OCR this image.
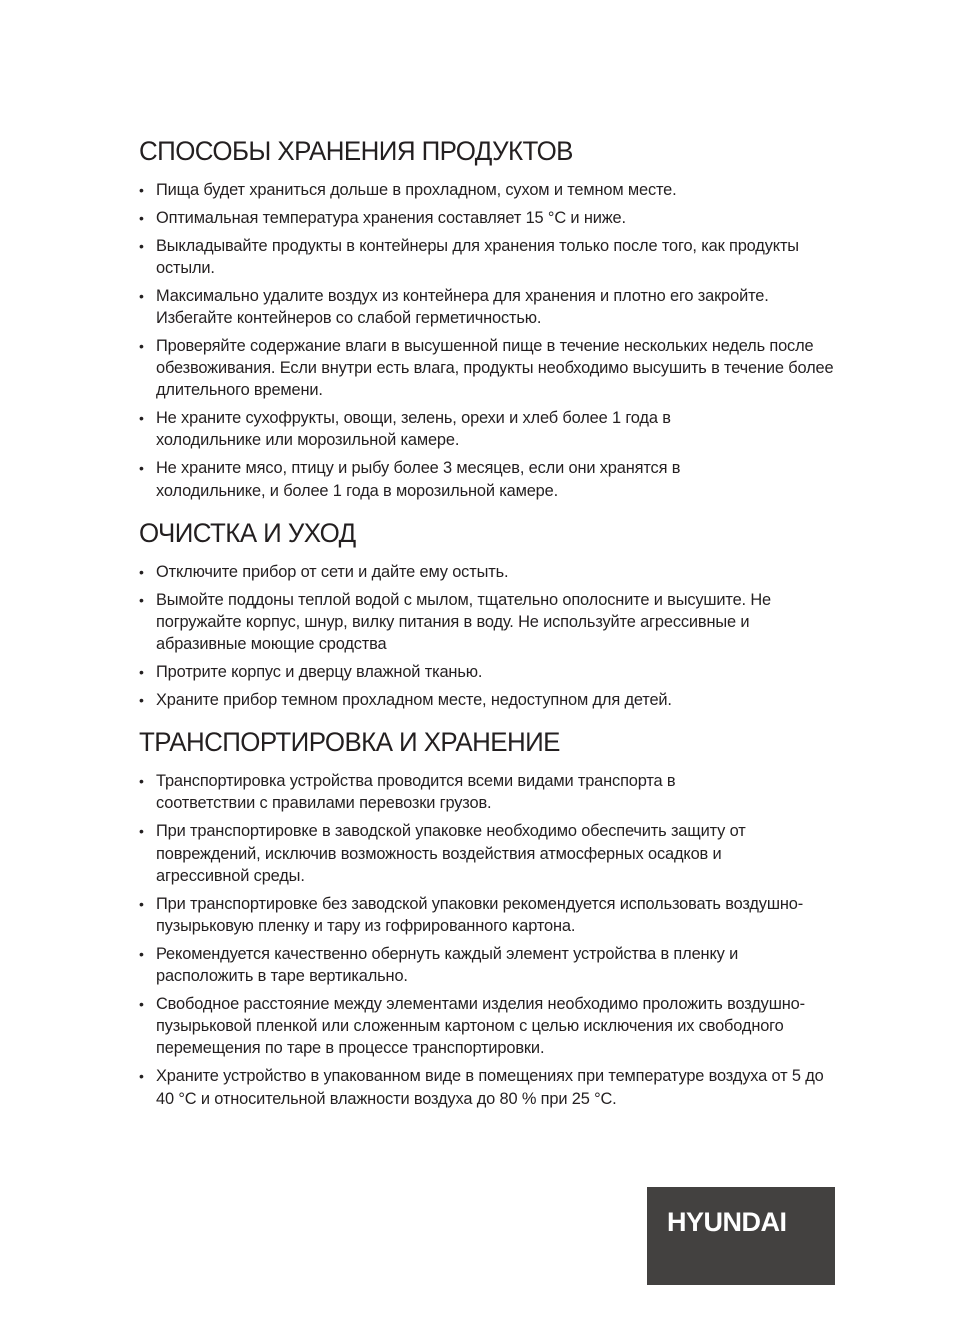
СПОСОБЫ ХРАНЕНИЯ ПРОДУКТОВ
• Пища будет храниться дольше в прохладном, сухом и темном месте.
• Оптимальная температура хранения составляет 15 °С и ниже.
• Выкладывайте продукты в контейнеры для хранения только после того, как продукты остыли.
• Максимально удалите воздух из контейнера для хранения и плотно его закройте. Избегайте контейнеров со слабой герметичностью.
• Проверяйте содержание влаги в высушенной пище в течение нескольких недель после обезвоживания. Если внутри есть влага, продукты необходимо высушить в течение более длительного времени.
• Не храните сухофрукты, овощи, зелень, орехи и хлеб более 1 года в холодильнике или морозильной камере.
• Не храните мясо, птицу и рыбу более 3 месяцев, если они хранятся в холодильнике, и более 1 года в морозильной камере.
ОЧИСТКА И УХОД
• Отключите прибор от сети и дайте ему остыть.
• Вымойте поддоны теплой водой с мылом, тщательно ополосните и высушите. Не погружайте корпус, шнур, вилку питания в воду. Не используйте агрессивные и абразивные моющие сродства
• Протрите корпус и дверцу влажной тканью.
• Храните прибор темном прохладном месте, недоступном для детей.
ТРАНСПОРТИРОВКА И ХРАНЕНИЕ
• Транспортировка устройства проводится всеми видами транспорта в соответствии с правилами перевозки грузов.
• При транспортировке в заводской упаковке необходимо обеспечить защиту от повреждений, исключив возможность воздействия атмосферных осадков и агрессивной среды.
• При транспортировке без заводской упаковки рекомендуется использовать воздушно-пузырьковую пленку и тару из гофрированного картона.
• Рекомендуется качественно обернуть каждый элемент устройства в пленку и расположить в таре вертикально.
• Свободное расстояние между элементами изделия необходимо проложить воздушно-пузырьковой пленкой или сложенным картоном с целью исключения их свободного перемещения по таре в процессе транспортировки.
• Храните устройство в упакованном виде в помещениях при температуре воздуха от 5 до 40 °С и относительной влажности воздуха до 80 % при 25 °С.
HYUNDAI
